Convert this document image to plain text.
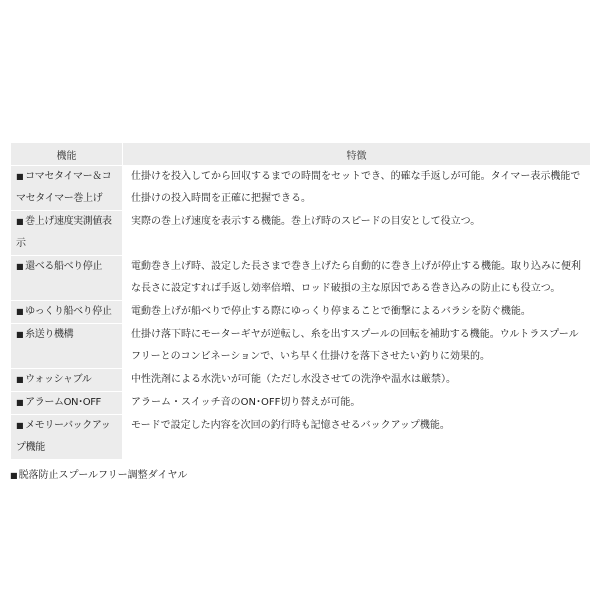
機能	特徴
■ コマセタイマー＆コマセタイマー巻上げ	仕掛けを投入してから回収するまでの時間をセットでき、的確な手返しが可能。タイマー表示機能で仕掛けの投入時間を正確に把握できる。
■ 巻上げ速度実測値表示	実際の巻上げ速度を表示する機能。巻上げ時のスピードの目安として役立つ。
■ 還べる船べり停止	電動巻き上げ時、設定した長さまで巻き上げたら自動的に巻き上げが停止する機能。取り込みに便利な長さに設定すれば手返し効率倍増、ロッド破損の主な原因である巻き込みの防止にも役立つ。
■ ゆっくり船べり停止	電動巻上げが船べりで停止する際にゆっくり停まることで衝撃によるバラシを防ぐ機能。
■ 糸送り機構	仕掛け落下時にモーターギヤが逆転し、糸を出すスプールの回転を補助する機能。ウルトラスプールフリーとのコンビネーションで、いち早く仕掛けを落下させたい釣りに効果的。
■ ウォッシャブル	中性洗剤による水洗いが可能（ただし水没させての洗浄や温水は厳禁）。
■ アラームON･OFF	アラーム・スイッチ音のON･OFF切り替えが可能。
■ メモリーバックアップ機能	モードで設定した内容を次回の釣行時も記憶させるバックアップ機能。
■脱落防止スプールフリー調整ダイヤル
